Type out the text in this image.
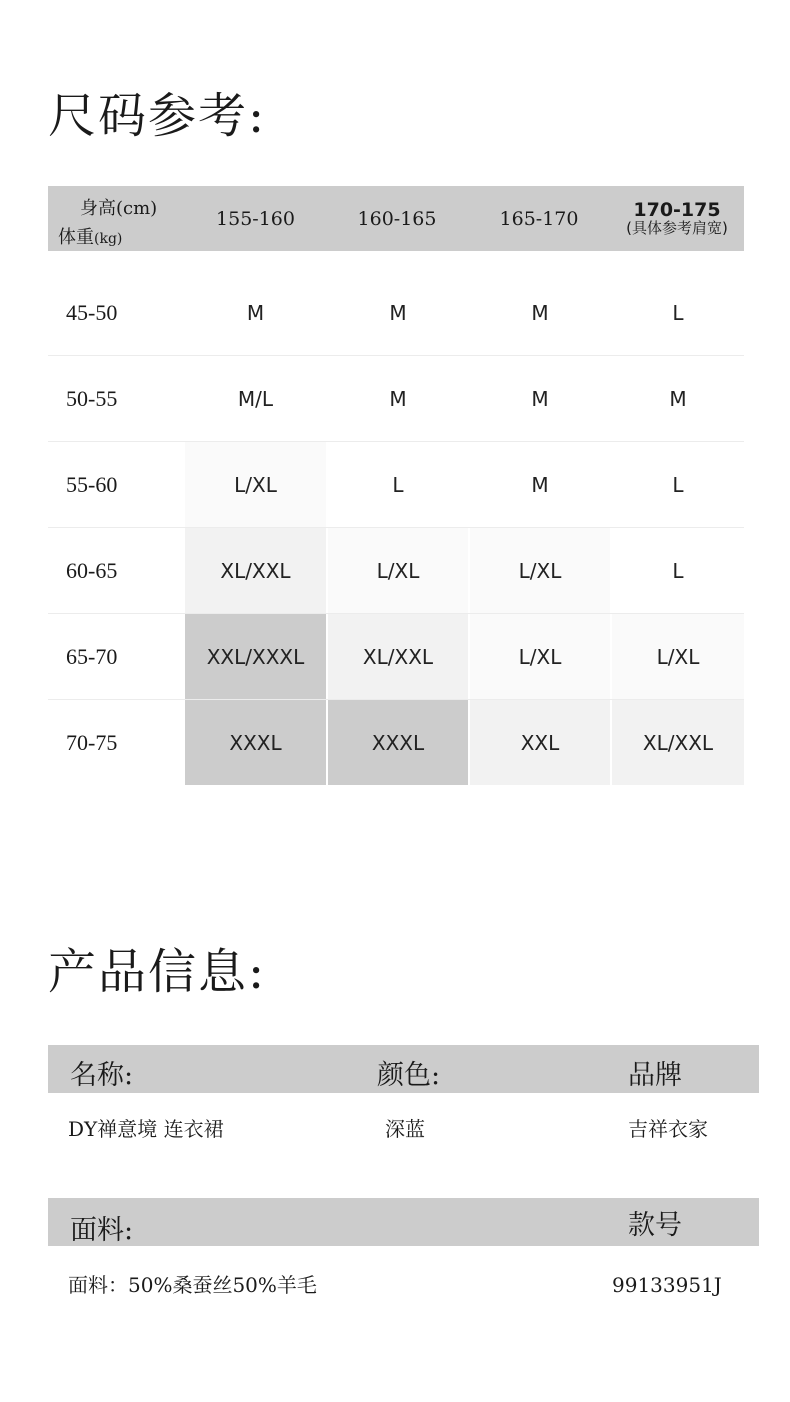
尺码参考:
身高(cm)
体重(kg)
155-160	160-165	165-170	170-175
(具体参考肩宽)
45-50	M	M	M	L
50-55	M/L	M	M	M
55-60	L/XL	L	M	L
60-65	XL/XXL	L/XL	L/XL	L
65-70	XXL/XXXL	XL/XXL	L/XL	L/XL
70-75	XXXL	XXXL	XXL	XL/XXL
产品信息:
名称:	颜色:	品牌
DY禅意境 连衣裙	深蓝	吉祥衣家
面料:	款号
面料：50%桑蚕丝50%羊毛	99133951J
